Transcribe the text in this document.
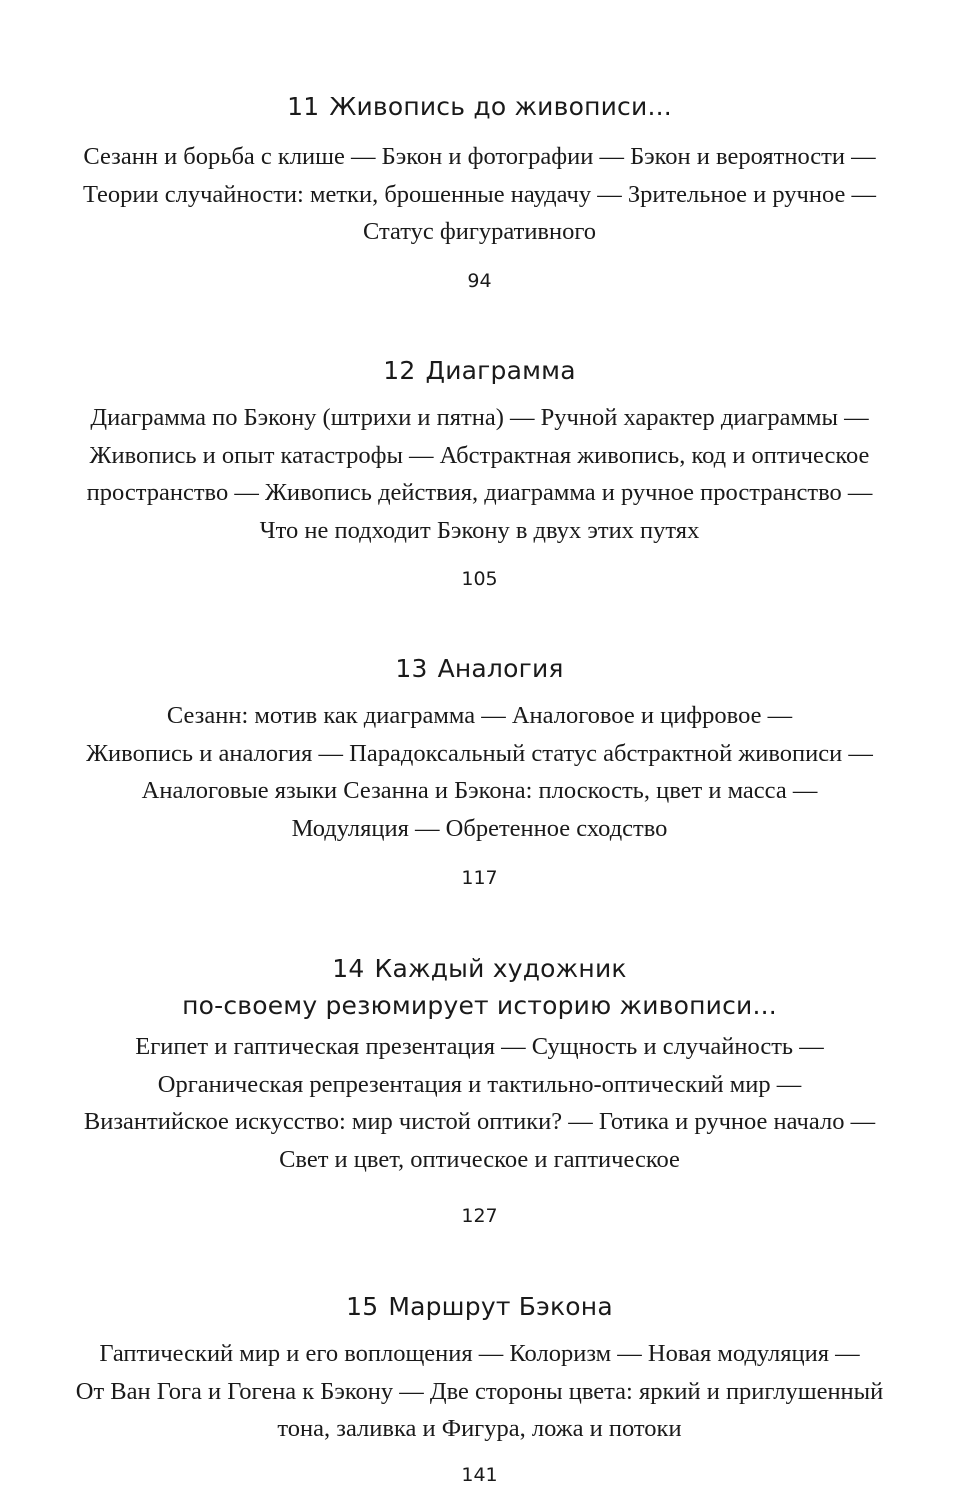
11 Живопись до живописи...

Сезанн и борьба с клише — Бэкон и фотографии — Бэкон и вероятности —
Теории случайности: метки, брошенные наудачу — Зрительное и ручное —
Статус фигуративного

94

12 Диаграмма

Диаграмма по Бэкону (штрихи и пятна) — Ручной характер диаграммы —
Живопись и опыт катастрофы — Абстрактная живопись, код и оптическое
пространство — Живопись действия, диаграмма и ручное пространство —
Что не подходит Бэкону в двух этих путях

105

13 Аналогия

Сезанн: мотив как диаграмма — Аналоговое и цифровое —
Живопись и аналогия — Парадоксальный статус абстрактной живописи —
Аналоговые языки Сезанна и Бэкона: плоскость, цвет и масса —
Модуляция — Обретенное сходство

117

14 Каждый художник
по-своему резюмирует историю живописи...

Египет и гаптическая презентация — Сущность и случайность —
Органическая репрезентация и тактильно-оптический мир —
Византийское искусство: мир чистой оптики? — Готика и ручное начало —
Свет и цвет, оптическое и гаптическое

127

15 Маршрут Бэкона

Гаптический мир и его воплощения — Колоризм — Новая модуляция —
От Ван Гога и Гогена к Бэкону — Две стороны цвета: яркий и приглушенный
тона, заливка и Фигура, ложа и потоки

141
